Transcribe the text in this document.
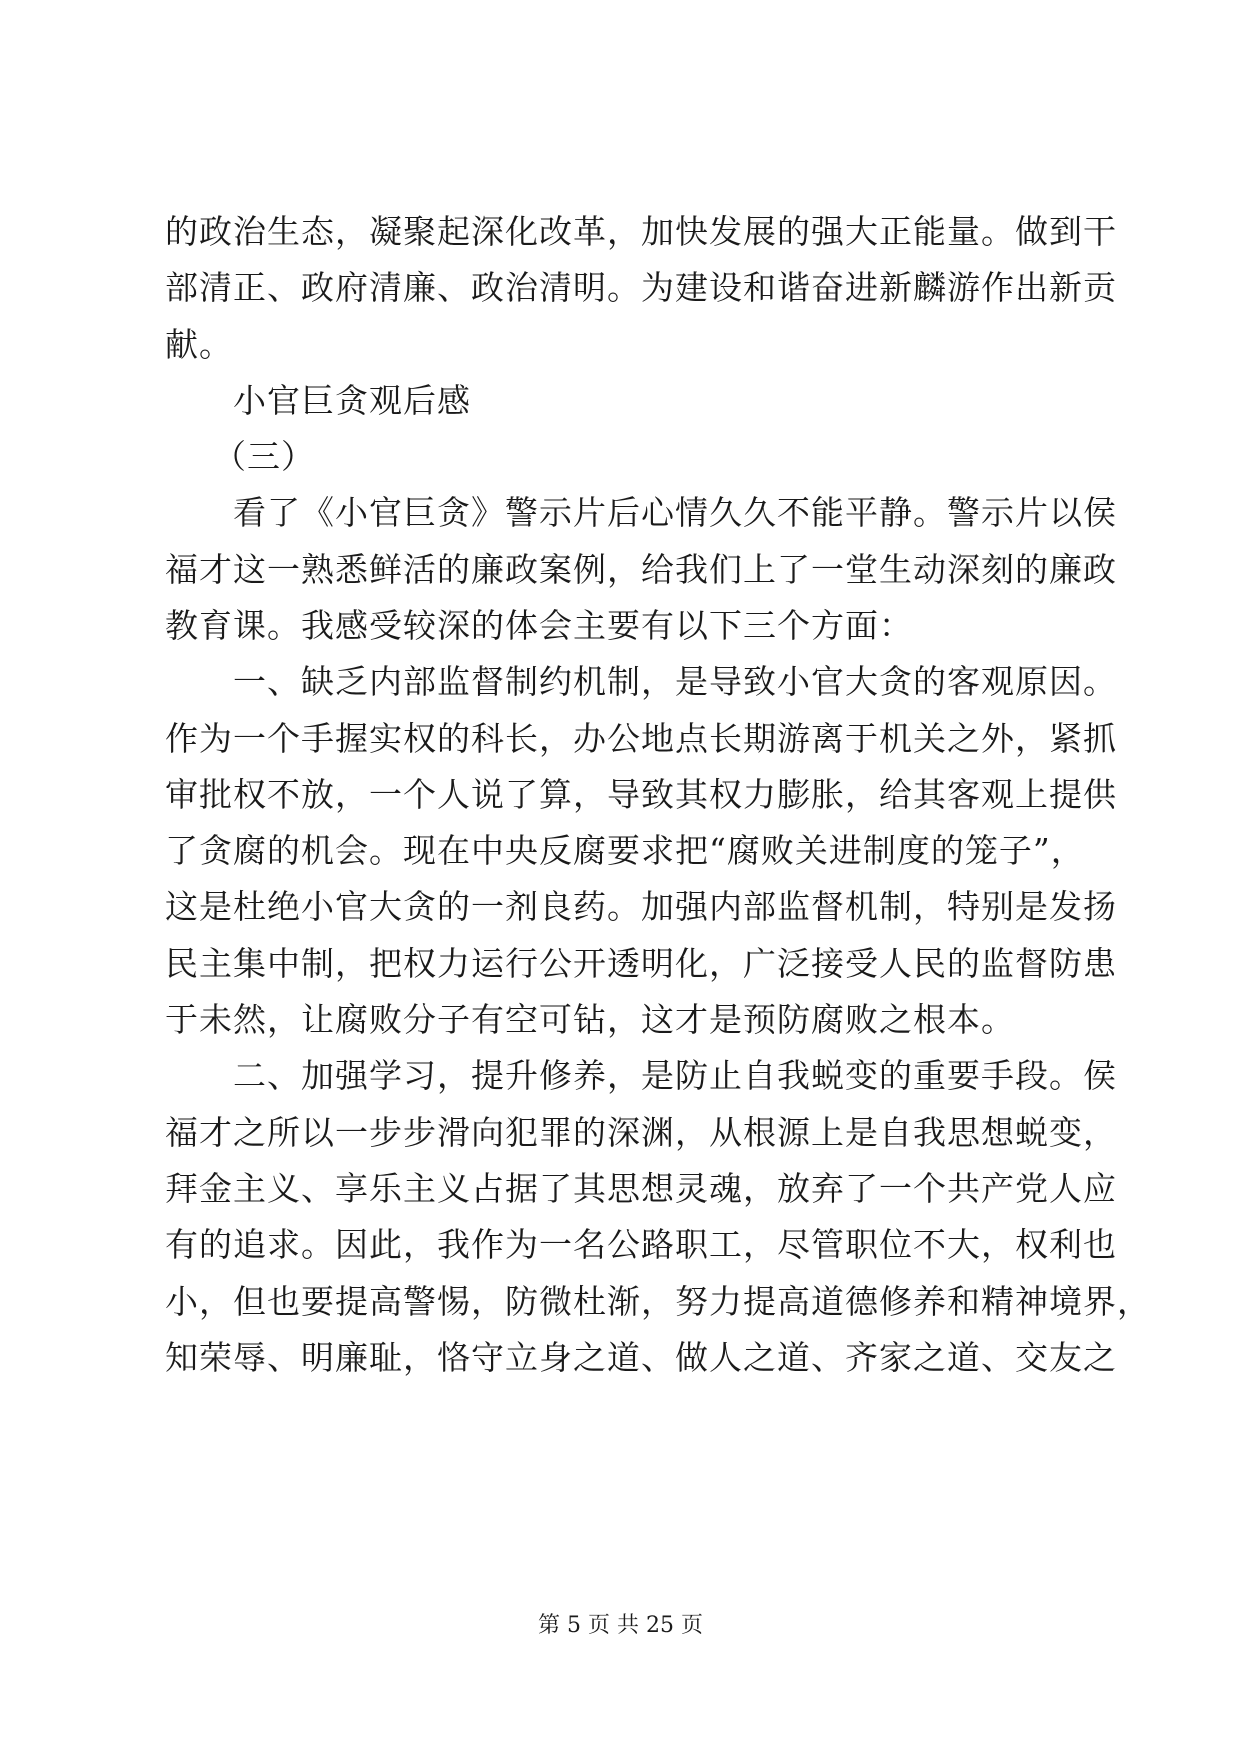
的政治生态，凝聚起深化改革，加快发展的强大正能量。做到干
部清正、政府清廉、政治清明。为建设和谐奋进新麟游作出新贡
献。
小官巨贪观后感
（三）
看了《小官巨贪》警示片后心情久久不能平静。警示片以侯
福才这一熟悉鲜活的廉政案例，给我们上了一堂生动深刻的廉政
教育课。我感受较深的体会主要有以下三个方面：
一、缺乏内部监督制约机制，是导致小官大贪的客观原因。
作为一个手握实权的科长，办公地点长期游离于机关之外，紧抓
审批权不放，一个人说了算，导致其权力膨胀，给其客观上提供
了贪腐的机会。现在中央反腐要求把“腐败关进制度的笼子”，
这是杜绝小官大贪的一剂良药。加强内部监督机制，特别是发扬
民主集中制，把权力运行公开透明化，广泛接受人民的监督防患
于未然，让腐败分子有空可钻，这才是预防腐败之根本。
二、加强学习，提升修养，是防止自我蜕变的重要手段。侯
福才之所以一步步滑向犯罪的深渊，从根源上是自我思想蜕变，
拜金主义、享乐主义占据了其思想灵魂，放弃了一个共产党人应
有的追求。因此，我作为一名公路职工，尽管职位不大，权利也
小，但也要提高警惕，防微杜渐，努力提高道德修养和精神境界，
知荣辱、明廉耻，恪守立身之道、做人之道、齐家之道、交友之
第 5 页 共 25 页
